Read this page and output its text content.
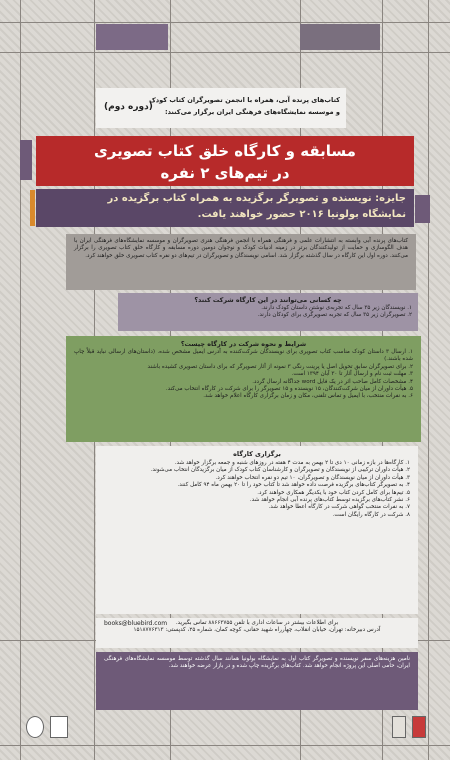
کتاب‌های پرنده آبی، همراه با انجمن تصویرگران کتاب کودک
و موسسه نمایشگاه‌های فرهنگی ایران برگزار می‌کنند:
(دوره دوم)
مسابقه و کارگاه خلق کتاب تصویری
در تیم‌های ۲ نفره
جایزه: نویسنده و تصویرگر برگزیده به همراه کتاب برگزیده در
نمایشگاه بولونیا ۲۰۱۶ حضور خواهند یافت.
کتاب‌های پرنده آبی وابسته به انتشارات علمی و فرهنگی همراه با انجمن فرهنگی هنری تصویرگران و موسسه نمایشگاه‌های فرهنگی ایران با هدف الگوسازی و حمایت از تولیدکنندگان برتر در زمینه ادبیات کودک و نوجوان دومین دوره مسابقه و کارگاه خلق کتاب تصویری را برگزار می‌کنند. دوره اول این کارگاه در سال گذشته برگزار شد. اسامی نویسندگان و تصویرگران در تیم‌های دو نفره کتاب تصویری خلق خواهند کرد.
چه کسانی می‌توانند در این کارگاه شرکت کنند؟
۱. نویسندگان زیر ۳۵ سال که تجربه‌ی نوشتن داستان کودک دارند.
۲. تصویرگران زیر ۳۵ سال که تجربه تصویرگری برای کودکان دارند.
شرایط و نحوه شرکت در کارگاه چیست؟
۱. ارسال ۳ داستان کودک مناسب کتاب تصویری برای نویسندگان شرکت‌کننده به آدرس ایمیل مشخص شده. (داستان‌های ارسالی نباید قبلاً چاپ شده باشند.)
۲. برای تصویرگران سابق تحویل اصل یا پرینت رنگی ۳ نمونه از آثار تصویرگر که برای داستان تصویری کشیده باشند
۳. مهلت ثبت نام و ارسال آثار تا ۳۰ آبان ۱۳۹۴ است.
۴. مشخصات کامل صاحب اثر در یک فایل word جداگانه ارسال گردد.
۵. هیأت داوران از میان شرکت‌کنندگان، ۱۵ نویسنده و ۱۵ تصویرگر را برای شرکت در کارگاه انتخاب می‌کند.
۶. به نفرات منتخب، با ایمیل و تماس تلفنی، مکان و زمان برگزاری کارگاه اعلام خواهد شد.
برگزاری کارگاه
۱. کارگاه‌ها در بازه زمانی ۱۰ دی تا ۲ بهمن به مدت ۴ هفته در روزهای شنبه و جمعه برگزار خواهد شد.
۲. هیأت داوران ترکیبی از نویسندگان و تصویرگران و کارشناسان کتاب کودک از میان برگزیدگان انتخاب می‌شوند.
۳. هیأت داوران از میان نویسندگان و تصویرگران، ۱۰ تیم دو نفره انتخاب خواهند کرد.
۴. به تصویرگر کتاب‌های برگزیده فرصت داده خواهد شد تا کتاب خود را تا ۲۰ بهمن ماه ۹۴ کامل کنند.
۵. تیم‌ها برای کامل کردن کتاب خود با یکدیگر همکاری خواهند کرد.
۶. نشر کتاب‌های برگزیده توسط کتاب‌های پرنده آبی انجام خواهد شد.
۷. به نفرات منتخب گواهی شرکت در کارگاه اعطا خواهد شد.
۸. شرکت در کارگاه رایگان است.
برای اطلاعات بیشتر در ساعات اداری با تلفن ۸۸۶۶۳۷۵۵ تماس بگیرید.
books@bluebird.com
آدرس دبیرخانه: تهران، خیابان انقلاب، چهارراه شهید حقانی، کوچه کمان، شماره ۲۵، کدپستی: ۱۵۱۸۷۷۶۳۱۳
نامین هزینه‌های سفر نویسنده و تصویرگر کتاب اول به نمایشگاه بولونیا همانند سال گذشته توسط موسسه نمایشگاه‌های فرهنگی ایران، حامی اصلی این پروژه انجام خواهد شد. کتاب‌های برگزیده چاپ شده و در بازار عرضه خواهند شد.
